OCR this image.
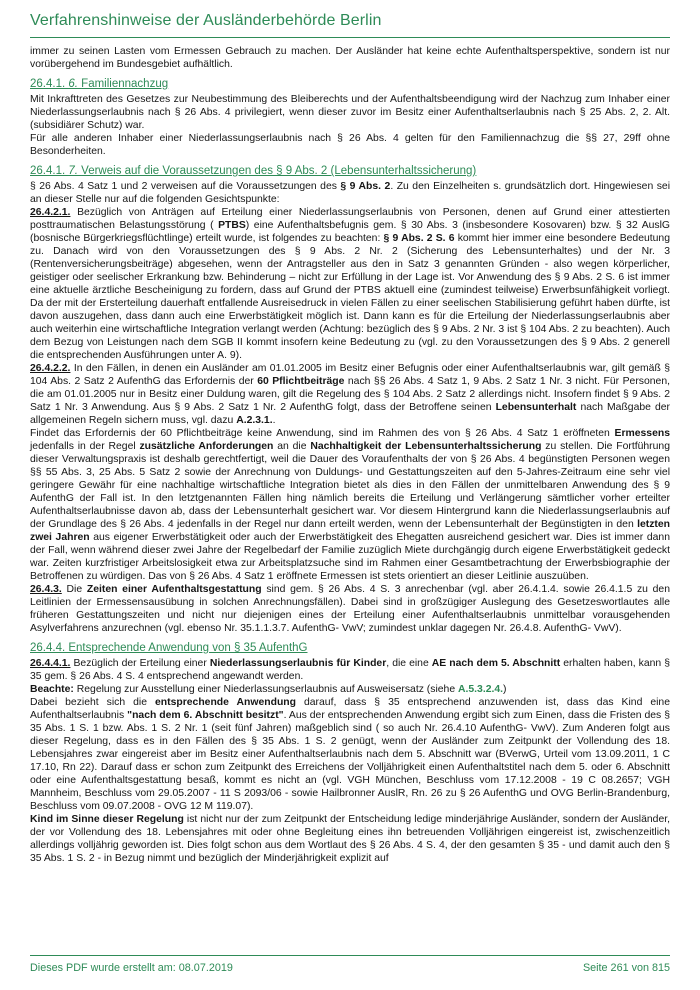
Verfahrenshinweise der Ausländerbehörde Berlin

immer zu seinen Lasten vom Ermessen Gebrauch zu machen. Der Ausländer hat keine echte Aufenthaltsperspektive, sondern ist nur vorübergehend im Bundesgebiet aufhältlich.

26.4.1. 6. Familiennachzug

Mit Inkrafttreten des Gesetzes zur Neubestimmung des Bleiberechts und der Aufenthaltsbeendigung wird der Nachzug zum Inhaber einer Niederlassungserlaubnis nach § 26 Abs. 4 privilegiert, wenn dieser zuvor im Besitz einer Aufenthaltserlaubnis nach § 25 Abs. 2, 2. Alt. (subsidiärer Schutz) war.

Für alle anderen Inhaber einer Niederlassungserlaubnis nach § 26 Abs. 4 gelten für den Familiennachzug die §§ 27, 29ff ohne Besonderheiten.

26.4.1. 7. Verweis auf die Voraussetzungen des § 9 Abs. 2 (Lebensunterhaltssicherung)

§ 26 Abs. 4 Satz 1 und 2 verweisen auf die Voraussetzungen des § 9 Abs. 2. Zu den Einzelheiten s. grundsätzlich dort. Hingewiesen sei an dieser Stelle nur auf die folgenden Gesichtspunkte:

26.4.2.1. Bezüglich von Anträgen auf Erteilung einer Niederlassungserlaubnis von Personen, denen auf Grund einer attestierten posttraumatischen Belastungsstörung ( PTBS) eine Aufenthaltsbefugnis gem. § 30 Abs. 3 (insbesondere Kosovaren) bzw. § 32 AuslG (bosnische Bürgerkriegsflüchtlinge) erteilt wurde, ist folgendes zu beachten: § 9 Abs. 2 S. 6 kommt hier immer eine besondere Bedeutung zu. Danach wird von den Voraussetzungen des § 9 Abs. 2 Nr. 2 (Sicherung des Lebensunterhaltes) und der Nr. 3 (Rentenversicherungsbeiträge) abgesehen, wenn der Antragsteller aus den in Satz 3 genannten Gründen - also wegen körperlicher, geistiger oder seelischer Erkrankung bzw. Behinderung – nicht zur Erfüllung in der Lage ist. Vor Anwendung des § 9 Abs. 2 S. 6 ist immer eine aktuelle ärztliche Bescheinigung zu fordern, dass auf Grund der PTBS aktuell eine (zumindest teilweise) Erwerbsunfähigkeit vorliegt. Da der mit der Ersterteilung dauerhaft entfallende Ausreisedruck in vielen Fällen zu einer seelischen Stabilisierung geführt haben dürfte, ist davon auszugehen, dass dann auch eine Erwerbstätigkeit möglich ist. Dann kann es für die Erteilung der Niederlassungserlaubnis aber auch weiterhin eine wirtschaftliche Integration verlangt werden (Achtung: bezüglich des § 9 Abs. 2 Nr. 3 ist § 104 Abs. 2 zu beachten). Auch dem Bezug von Leistungen nach dem SGB II kommt insofern keine Bedeutung zu (vgl. zu den Voraussetzungen des § 9 Abs. 2 generell die entsprechenden Ausführungen unter A. 9).

26.4.2.2. In den Fällen, in denen ein Ausländer am 01.01.2005 im Besitz einer Befugnis oder einer Aufenthaltserlaubnis war, gilt gemäß § 104 Abs. 2 Satz 2 AufenthG das Erfordernis der 60 Pflichtbeiträge nach §§ 26 Abs. 4 Satz 1, 9 Abs. 2 Satz 1 Nr. 3 nicht. Für Personen, die am 01.01.2005 nur in Besitz einer Duldung waren, gilt die Regelung des § 104 Abs. 2 Satz 2 allerdings nicht. Insofern findet § 9 Abs. 2 Satz 1 Nr. 3 Anwendung. Aus § 9 Abs. 2 Satz 1 Nr. 2 AufenthG folgt, dass der Betroffene seinen Lebensunterhalt nach Maßgabe der allgemeinen Regeln sichern muss, vgl. dazu A.2.3.1..

Findet das Erfordernis der 60 Pflichtbeiträge keine Anwendung, sind im Rahmen des von § 26 Abs. 4 Satz 1 eröffneten Ermessens jedenfalls in der Regel zusätzliche Anforderungen an die Nachhaltigkeit der Lebensunterhaltssicherung zu stellen. Die Fortführung dieser Verwaltungspraxis ist deshalb gerechtfertigt, weil die Dauer des Voraufenthalts der von § 26 Abs. 4 begünstigten Personen wegen §§ 55 Abs. 3, 25 Abs. 5 Satz 2 sowie der Anrechnung von Duldungs- und Gestattungszeiten auf den 5-Jahres-Zeitraum eine sehr viel geringere Gewähr für eine nachhaltige wirtschaftliche Integration bietet als dies in den Fällen der unmittelbaren Anwendung des § 9 AufenthG der Fall ist. In den letztgenannten Fällen hing nämlich bereits die Erteilung und Verlängerung sämtlicher vorher erteilter Aufenthaltserlaubnisse davon ab, dass der Lebensunterhalt gesichert war. Vor diesem Hintergrund kann die Niederlassungserlaubnis auf der Grundlage des § 26 Abs. 4 jedenfalls in der Regel nur dann erteilt werden, wenn der Lebensunterhalt der Begünstigten in den letzten zwei Jahren aus eigener Erwerbstätigkeit oder auch der Erwerbstätigkeit des Ehegatten ausreichend gesichert war. Dies ist immer dann der Fall, wenn während dieser zwei Jahre der Regelbedarf der Familie zuzüglich Miete durchgängig durch eigene Erwerbstätigkeit gedeckt war. Zeiten kurzfristiger Arbeitslosigkeit etwa zur Arbeitsplatzsuche sind im Rahmen einer Gesamtbetrachtung der Erwerbsbiographie der Betroffenen zu würdigen. Das von § 26 Abs. 4 Satz 1 eröffnete Ermessen ist stets orientiert an dieser Leitlinie auszuüben.

26.4.3. Die Zeiten einer Aufenthaltsgestattung sind gem. § 26 Abs. 4 S. 3 anrechenbar (vgl. aber 26.4.1.4. sowie 26.4.1.5 zu den Leitlinien der Ermessensausübung in solchen Anrechnungsfällen). Dabei sind in großzügiger Auslegung des Gesetzeswortlautes alle früheren Gestattungszeiten und nicht nur diejenigen eines der Erteilung einer Aufenthaltserlaubnis unmittelbar vorausgehenden Asylverfahrens anzurechnen (vgl. ebenso Nr. 35.1.1.3.7. AufenthG- VwV; zumindest unklar dagegen Nr. 26.4.8. AufenthG- VwV).

26.4.4. Entsprechende Anwendung von § 35 AufenthG

26.4.4.1. Bezüglich der Erteilung einer Niederlassungserlaubnis für Kinder, die eine AE nach dem 5. Abschnitt erhalten haben, kann § 35 gem. § 26 Abs. 4 S. 4 entsprechend angewandt werden.

Beachte: Regelung zur Ausstellung einer Niederlassungserlaubnis auf Ausweisersatz (siehe A.5.3.2.4.)

Dabei bezieht sich die entsprechende Anwendung darauf, dass § 35 entsprechend anzuwenden ist, dass das Kind eine Aufenthaltserlaubnis "nach dem 6. Abschnitt besitzt". Aus der entsprechenden Anwendung ergibt sich zum Einen, dass die Fristen des § 35 Abs. 1 S. 1 bzw. Abs. 1 S. 2 Nr. 1 (seit fünf Jahren) maßgeblich sind ( so auch Nr. 26.4.10 AufenthG- VwV). Zum Anderen folgt aus dieser Regelung, dass es in den Fällen des § 35 Abs. 1 S. 2 genügt, wenn der Ausländer zum Zeitpunkt der Vollendung des 18. Lebensjahres zwar eingereist aber im Besitz einer Aufenthaltserlaubnis nach dem 5. Abschnitt war (BVerwG, Urteil vom 13.09.2011, 1 C 17.10, Rn 22). Darauf dass er schon zum Zeitpunkt des Erreichens der Volljährigkeit einen Aufenthaltstitel nach dem 5. oder 6. Abschnitt oder eine Aufenthaltsgestattung besaß, kommt es nicht an (vgl. VGH München, Beschluss vom 17.12.2008 - 19 C 08.2657; VGH Mannheim, Beschluss vom 29.05.2007 - 11 S 2093/06 - sowie Hailbronner AuslR, Rn. 26 zu § 26 AufenthG und OVG Berlin-Brandenburg, Beschluss vom 09.07.2008 - OVG 12 M 119.07).

Kind im Sinne dieser Regelung ist nicht nur der zum Zeitpunkt der Entscheidung ledige minderjährige Ausländer, sondern der Ausländer, der vor Vollendung des 18. Lebensjahres mit oder ohne Begleitung eines ihn betreuenden Volljährigen eingereist ist, zwischenzeitlich allerdings volljährig geworden ist. Dies folgt schon aus dem Wortlaut des § 26 Abs. 4 S. 4, der den gesamten § 35 - und damit auch den § 35 Abs. 1 S. 2 - in Bezug nimmt und bezüglich der Minderjährigkeit explizit auf

Dieses PDF wurde erstellt am: 08.07.2019	Seite 261 von 815
